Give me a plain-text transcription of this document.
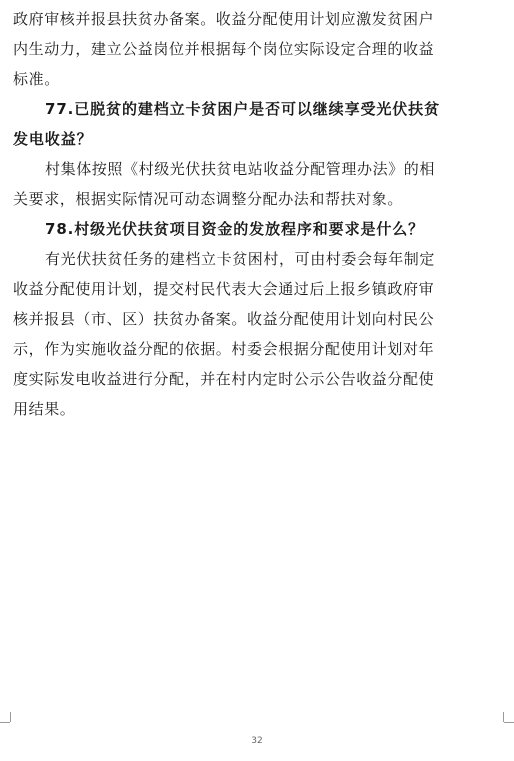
政府审核并报县扶贫办备案。收益分配使用计划应激发贫困户
内生动力，建立公益岗位并根据每个岗位实际设定合理的收益
标准。
77.已脱贫的建档立卡贫困户是否可以继续享受光伏扶贫
发电收益？
村集体按照《村级光伏扶贫电站收益分配管理办法》的相
关要求，根据实际情况可动态调整分配办法和帮扶对象。
78.村级光伏扶贫项目资金的发放程序和要求是什么？
有光伏扶贫任务的建档立卡贫困村，可由村委会每年制定
收益分配使用计划，提交村民代表大会通过后上报乡镇政府审
核并报县（市、区）扶贫办备案。收益分配使用计划向村民公
示，作为实施收益分配的依据。村委会根据分配使用计划对年
度实际发电收益进行分配，并在村内定时公示公告收益分配使
用结果。
32
